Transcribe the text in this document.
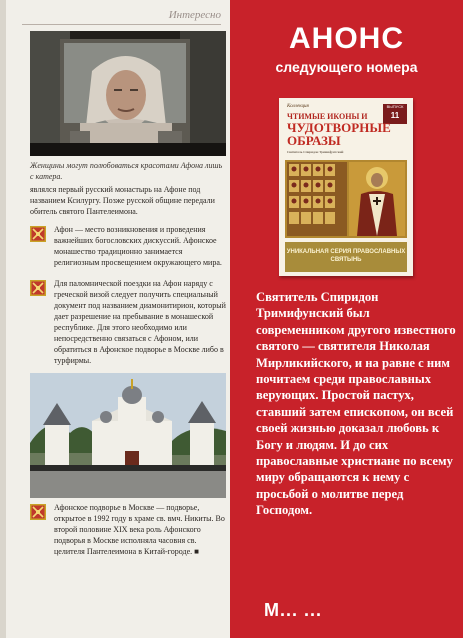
Интересно
Женщины могут полюбоваться красотами Афона лишь с катера.
являлся первый русский монастырь на Афоне под названием Ксилургу. Позже русской общине передали обитель святого Пантелеимона.
Афон — место возникновения и проведения важнейших богословских дискуссий. Афонское монашество традиционно занимается религиозным просвещением окружающего мира.
Для паломнической поездки на Афон наряду с греческой визой следует получить специальный документ под названием диамонитирион, который дает разрешение на пребывание в монашеской республике. Для этого необходимо или непосредственно связаться с Афоном, или обратиться в Афонское подворье в Москве либо в турфирмы.
Афонское подворье в Москве — подворье, открытое в 1992 году в храме св. вмч. Никиты. Во второй половине XIX века роль Афонского подворья в Москве исполняла часовня св. целителя Пантелеимона в Китай-городе. ■
АНОНС
следующего номера
Коллекция	ВЫПУСК
11
ЧТИМЫЕ ИКОНЫ И
ЧУДОТВОРНЫЕ
ОБРАЗЫ
Святитель Спиридон Тримифунтский
УНИКАЛЬНАЯ СЕРИЯ ПРАВОСЛАВНЫХ СВЯТЫНЬ
Святитель Спиридон Тримифунский был современником другого известного святого — святителя Николая Мирликийского, и на равне с ним почитаем среди православных верующих. Простой пастух, ставший затем епископом, он всей своей жизнью доказал любовь к Богу и людям. И до сих православные христиане по всему миру обращаются к нему с просьбой о молитве перед Господом.
М... ...
